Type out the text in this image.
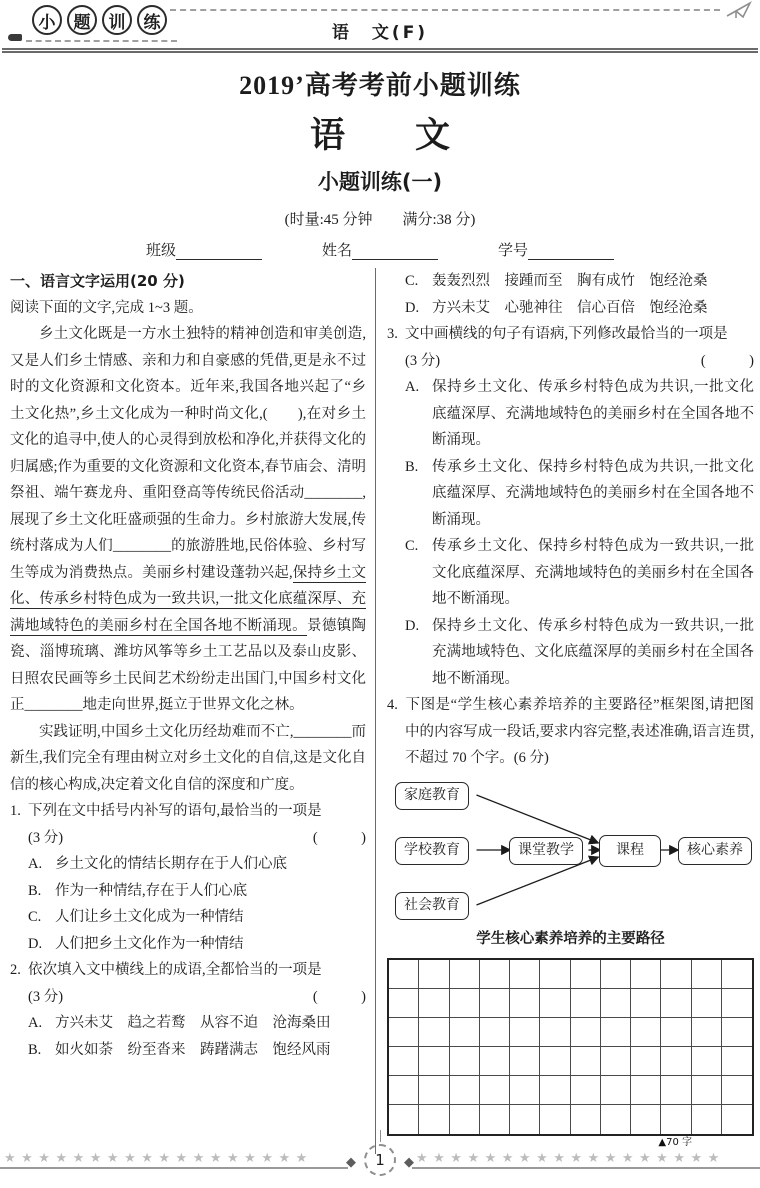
小	题	训	练
语　文(F)
2019’高考考前小题训练
语　　文
小题训练(一)
(时量:45 分钟　　满分:38 分)
班级	姓名	学号
一、语言文字运用(20 分)
阅读下面的文字,完成 1~3 题。

乡土文化既是一方水土独特的精神创造和审美创造,又是人们乡土情感、亲和力和自豪感的凭借,更是永不过时的文化资源和文化资本。近年来,我国各地兴起了“乡土文化热”,乡土文化成为一种时尚文化,(　　),在对乡土文化的追寻中,使人的心灵得到放松和净化,并获得文化的归属感;作为重要的文化资源和文化资本,春节庙会、清明祭祖、端午赛龙舟、重阳登高等传统民俗活动________,展现了乡土文化旺盛顽强的生命力。乡村旅游大发展,传统村落成为人们________的旅游胜地,民俗体验、乡村写生等成为消费热点。美丽乡村建设蓬勃兴起,保持乡土文化、传承乡村特色成为一致共识,一批文化底蕴深厚、充满地域特色的美丽乡村在全国各地不断涌现。景德镇陶瓷、淄博琉璃、潍坊风筝等乡土工艺品以及泰山皮影、日照农民画等乡土民间艺术纷纷走出国门,中国乡村文化正________地走向世界,挺立于世界文化之林。

实践证明,中国乡土文化历经劫难而不亡,________而新生,我们完全有理由树立对乡土文化的自信,这是文化自信的核心构成,决定着文化自信的深度和广度。

1. 下列在文中括号内补写的语句,最恰当的一项是
(3 分)	(　　　)
A. 乡土文化的情结长期存在于人们心底
B. 作为一种情结,存在于人们心底
C. 人们让乡土文化成为一种情结
D. 人们把乡土文化作为一种情结
2. 依次填入文中横线上的成语,全都恰当的一项是
(3 分)	(　　　)
A. 方兴未艾　趋之若鹜　从容不迫　沧海桑田
B. 如火如荼　纷至沓来　踌躇满志　饱经风雨
C. 轰轰烈烈　接踵而至　胸有成竹　饱经沧桑
D. 方兴未艾　心驰神往　信心百倍　饱经沧桑
3. 文中画横线的句子有语病,下列修改最恰当的一项是
(3 分)	(　　　)
A. 保持乡土文化、传承乡村特色成为共识,一批文化底蕴深厚、充满地域特色的美丽乡村在全国各地不断涌现。
B. 传承乡土文化、保持乡村特色成为共识,一批文化底蕴深厚、充满地域特色的美丽乡村在全国各地不断涌现。
C. 传承乡土文化、保持乡村特色成为一致共识,一批文化底蕴深厚、充满地域特色的美丽乡村在全国各地不断涌现。
D. 保持乡土文化、传承乡村特色成为一致共识,一批充满地域特色、文化底蕴深厚的美丽乡村在全国各地不断涌现。
4. 下图是“学生核心素养培养的主要路径”框架图,请把图中的内容写成一段话,要求内容完整,表述准确,语言连贯,不超过 70 个字。(6 分)
家庭教育
学校教育
社会教育
课堂教学	课程	核心素养
学生核心素养培养的主要路径
▲70 字
★★★★★★★★★★★★★★★★★★	◆	1	◆ ★★★★★★★★★★★★★★★★★★
